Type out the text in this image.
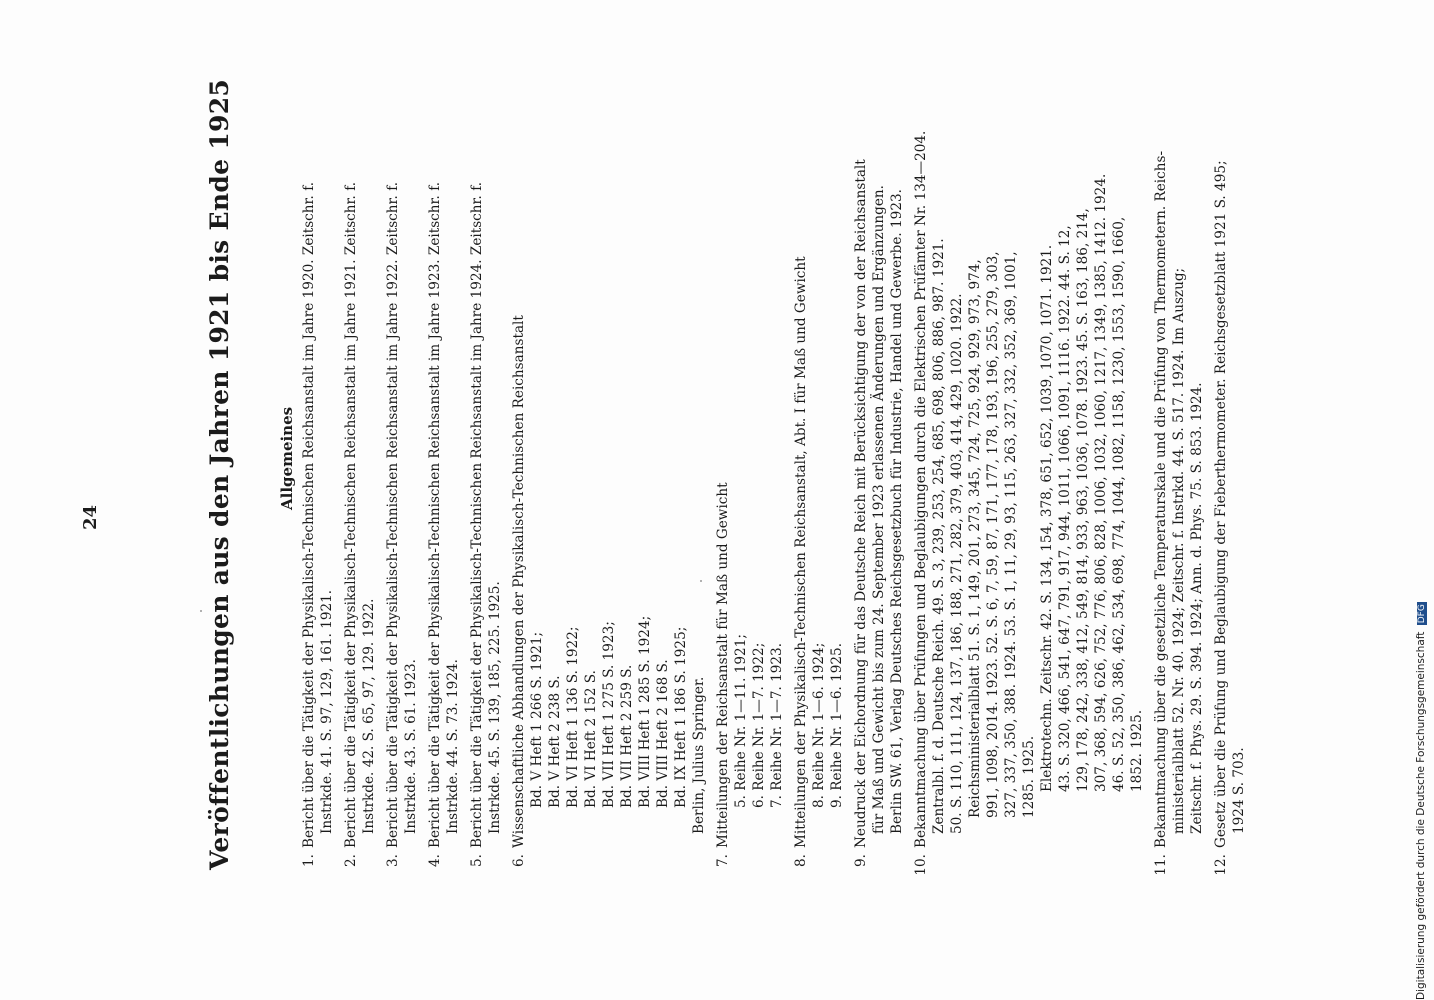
24	Veröffentlichungen aus den Jahren 1921 bis Ende 1925	Allgemeines
1.
Bericht über die Tätigkeit der Physikalisch-Technischen Reichsanstalt im Jahre 1920. Zeitschr. f. Instrkde. 41. S. 97, 129, 161. 1921.
2.
Bericht über die Tätigkeit der Physikalisch-Technischen Reichsanstalt im Jahre 1921. Zeitschr. f. Instrkde. 42. S. 65, 97, 129. 1922.
3.
Bericht über die Tätigkeit der Physikalisch-Technischen Reichsanstalt im Jahre 1922. Zeitschr. f. Instrkde. 43. S. 61. 1923.
4.
Bericht über die Tätigkeit der Physikalisch-Technischen Reichsanstalt im Jahre 1923. Zeitschr. f. Instrkde. 44. S. 73. 1924.
5.
Bericht über die Tätigkeit der Physikalisch-Technischen Reichsanstalt im Jahre 1924. Zeitschr. f. Instrkde. 45. S. 139, 185, 225. 1925.
6.
Wissenschaftliche Abhandlungen der Physikalisch-Technischen Reichsanstalt Bd. V Heft 1 266 S. 1921; Bd. V Heft 2 238 S. Bd. VI Heft 1 136 S. 1922; Bd. VI Heft 2 152 S. Bd. VII Heft 1 275 S. 1923; Bd. VII Heft 2 259 S. Bd. VIII Heft 1 285 S. 1924; Bd. VIII Heft 2 168 S. Bd. IX Heft 1 186 S. 1925; Berlin, Julius Springer.
7.
Mitteilungen der Reichsanstalt für Maß und Gewicht 5. Reihe Nr. 1—11. 1921; 6. Reihe Nr. 1—7. 1922; 7. Reihe Nr. 1—7. 1923.
8.
Mitteilungen der Physikalisch-Technischen Reichsanstalt, Abt. I für Maß und Gewicht 8. Reihe Nr. 1—6. 1924; 9. Reihe Nr. 1—6. 1925.
9.
Neudruck der Eichordnung für das Deutsche Reich mit Berücksichtigung der von der Reichsanstalt für Maß und Gewicht bis zum 24. September 1923 erlassenen Änderungen und Ergänzungen. Berlin SW. 61, Verlag Deutsches Reichsgesetzbuch für Industrie, Handel und Gewerbe. 1923.
10.
Bekanntmachung über Prüfungen und Beglaubigungen durch die Elektrischen Prüfämter Nr. 134—204. Zentralbl. f. d. Deutsche Reich. 49. S. 3, 239, 253, 254, 685, 698, 806, 886, 987. 1921. 50. S. 110, 111, 124, 137, 186, 188, 271, 282, 379, 403, 414, 429, 1020. 1922. Reichsministerialblatt 51. S. 1, 149, 201, 273, 345, 724, 725, 924, 929, 973, 974, 991, 1098, 2014. 1923. 52. S. 6, 7, 59, 87, 171, 177, 178, 193, 196, 255, 279, 303, 327, 337, 350, 388. 1924. 53. S. 1, 11, 29, 93, 115, 263, 327, 332, 352, 369, 1001, 1285. 1925. Elektrotechn. Zeitschr. 42. S. 134, 154, 378, 651, 652, 1039, 1070, 1071. 1921. 43. S. 320, 466, 541, 647, 791, 917, 944, 1011, 1066, 1091, 1116. 1922. 44. S. 12, 129, 178, 242, 338, 412, 549, 814, 933, 963, 1036, 1078. 1923. 45. S. 163, 186, 214, 307, 368, 594, 626, 752, 776, 806, 828, 1006, 1032, 1060, 1217, 1349, 1385, 1412. 1924. 46. S. 52, 350, 386, 462, 534, 698, 774, 1044, 1082, 1158, 1230, 1553, 1590, 1660, 1852. 1925.
11.
Bekanntmachung über die gesetzliche Temperaturskale und die Prüfung von Thermometern. Reichs- ministerialblatt 52. Nr. 40. 1924; Zeitschr. f. Instrkd. 44. S. 517. 1924. Im Auszug; Zeitschr. f. Phys. 29. S. 394. 1924; Ann. d. Phys. 75. S. 853. 1924.
12.
Gesetz über die Prüfung und Beglaubigung der Fieberthermometer. Reichsgesetzblatt 1921 S. 495; 1924 S. 703.	Digitalisierung gefördert durch die Deutsche Forschungsgemeinschaft DFG
